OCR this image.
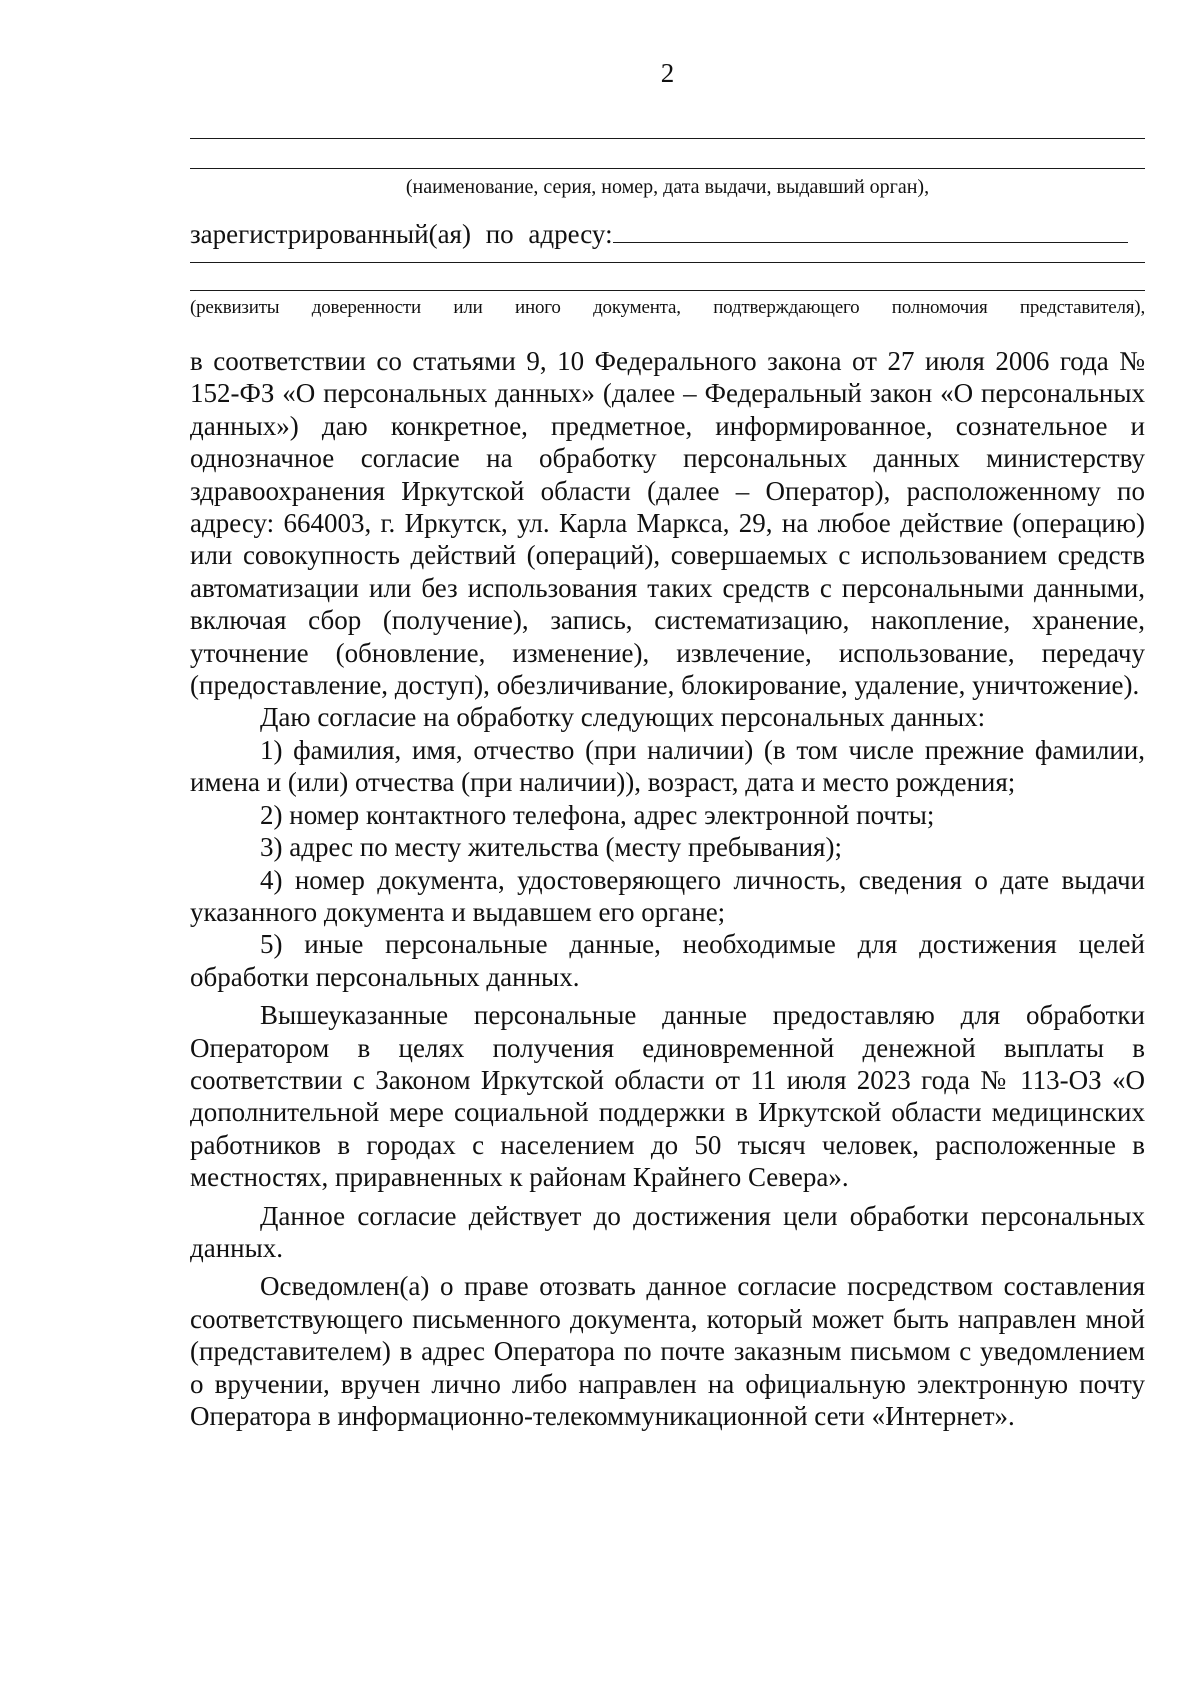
2
(наименование, серия, номер, дата выдачи, выдавший орган),
зарегистрированный(ая) по адресу:
(реквизиты доверенности или иного документа, подтверждающего полномочия представителя),

в соответствии со статьями 9, 10 Федерального закона от 27 июля 2006 года № 152-ФЗ «О персональных данных» (далее – Федеральный закон «О персональных данных») даю конкретное, предметное, информированное, сознательное и однозначное согласие на обработку персональных данных министерству здравоохранения Иркутской области (далее – Оператор), расположенному по адресу: 664003, г. Иркутск, ул. Карла Маркса, 29, на любое действие (операцию) или совокупность действий (операций), совершаемых с использованием средств автоматизации или без использования таких средств с персональными данными, включая сбор (получение), запись, систематизацию, накопление, хранение, уточнение (обновление, изменение), извлечение, использование, передачу (предоставление, доступ), обезличивание, блокирование, удаление, уничтожение).

Даю согласие на обработку следующих персональных данных:

1) фамилия, имя, отчество (при наличии) (в том числе прежние фамилии, имена и (или) отчества (при наличии)), возраст, дата и место рождения;

2) номер контактного телефона, адрес электронной почты;

3) адрес по месту жительства (месту пребывания);

4) номер документа, удостоверяющего личность, сведения о дате выдачи указанного документа и выдавшем его органе;

5) иные персональные данные, необходимые для достижения целей обработки персональных данных.

Вышеуказанные персональные данные предоставляю для обработки Оператором в целях получения единовременной денежной выплаты в соответствии с Законом Иркутской области от 11 июля 2023 года № 113-ОЗ «О дополнительной мере социальной поддержки в Иркутской области медицинских работников в городах с населением до 50 тысяч человек, расположенные в местностях, приравненных к районам Крайнего Севера».

Данное согласие действует до достижения цели обработки персональных данных.

Осведомлен(а) о праве отозвать данное согласие посредством составления соответствующего письменного документа, который может быть направлен мной (представителем) в адрес Оператора по почте заказным письмом с уведомлением о вручении, вручен лично либо направлен на официальную электронную почту Оператора в информационно-телекоммуникационной сети «Интернет».
